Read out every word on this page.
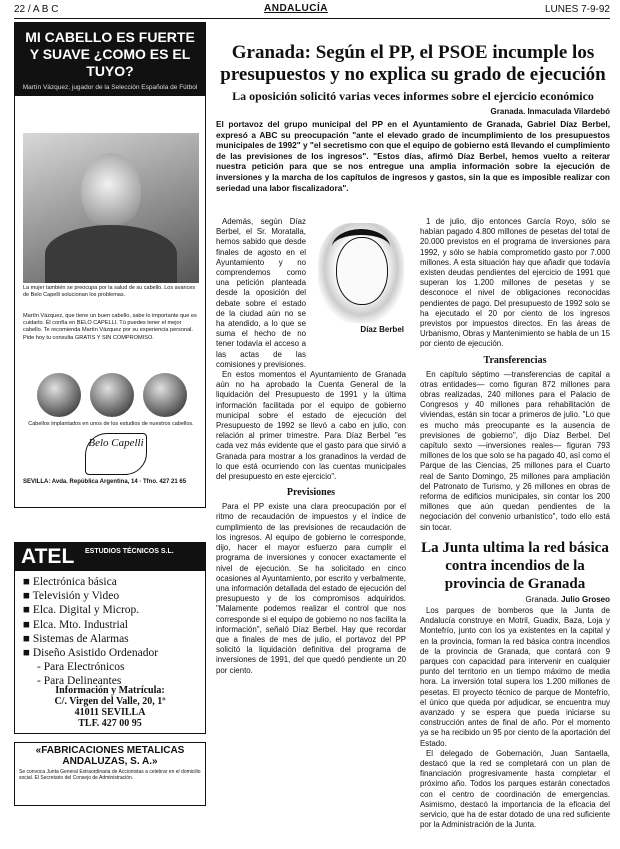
22 / A B C	ANDALUCÍA	LUNES 7-9-92
MI CABELLO ES FUERTE Y SUAVE ¿COMO ES EL TUYO?
Martín Vázquez, jugador de la Selección Española de Fútbol
La mujer también se preocupa por la salud de su cabello. Los avances de Belo Capelli solucionan los problemas.
Martín Vázquez, que tiene un buen cabello, sabe lo importante que es cuidarlo. Él confía en BELO CAPELLI. Tú puedes tener el mejor cabello. Te recomienda Martín Vázquez por su experiencia personal. Pide hoy tu consulta GRATIS Y SIN COMPROMISO.
Cabellos implantados en unos de los estudios de nuestros cabellos.
Belo Capelli
SEVILLA: Avda. República Argentina, 14 · Tfno. 427 21 65
ATEL ESTUDIOS TÉCNICOS S.L.
■ Electrónica básica
■ Televisión y Video
■ Elca. Digital y Microp.
■ Elca. Mto. Industrial
■ Sistemas de Alarmas
■ Diseño Asistido Ordenador
- Para Electrónicos
- Para Delineantes
Información y Matrícula:
C/. Virgen del Valle, 20, 1º
41011 SEVILLA
TLF. 427 00 95
«FABRICACIONES METALICAS ANDALUZAS, S. A.»
Se convoca Junta General Extraordinaria de Accionistas a celebrar en el domicilio social. El Secretario del Consejo de Administración.
Granada: Según el PP, el PSOE incumple los presupuestos y no explica su grado de ejecución
La oposición solicitó varias veces informes sobre el ejercicio económico
Granada. Inmaculada Vilardebó
El portavoz del grupo municipal del PP en el Ayuntamiento de Granada, Gabriel Díaz Berbel, expresó a ABC su preocupación "ante el elevado grado de incumplimiento de los presupuestos municipales de 1992" y "el secretismo con que el equipo de gobierno está llevando el cumplimiento de las previsiones de los ingresos". "Estos días, afirmó Díaz Berbel, hemos vuelto a reiterar nuestra petición para que se nos entregue una amplia información sobre la ejecución de inversiones y la marcha de los capítulos de ingresos y gastos, sin la que es imposible realizar con seriedad una labor fiscalizadora".

Además, según Díaz Berbel, el Sr. Moratalla, hemos sabido que desde finales de agosto en el Ayuntamiento y no comprendemos como una petición planteada desde la oposición del debate sobre el estado de la ciudad aún no se ha atendido, a lo que se suma el hecho de no tener todavía el acceso a las actas de las comisiones y previsiones.

Díaz Berbel

En estos momentos el Ayuntamiento de Granada aún no ha aprobado la Cuenta General de la liquidación del Presupuesto de 1991 y la última información facilitada por el equipo de gobierno municipal sobre el estado de ejecución del Presupuesto de 1992 se llevó a cabo en julio, con relación al primer trimestre. Para Díaz Berbel "es cada vez más evidente que el gasto para que sirvió a Granada para mostrar a los granadinos la verdad de lo que está ocurriendo con las cuentas municipales del presupuesto en este ejercicio".

Previsiones

Para el PP existe una clara preocupación por el ritmo de recaudación de impuestos y el índice de cumplimiento de las previsiones de recaudación de los ingresos. Al equipo de gobierno le corresponde, dijo, hacer el mayor esfuerzo para cumplir el programa de inversiones y conocer exactamente el nivel de ejecución. Se ha solicitado en cinco ocasiones al Ayuntamiento, por escrito y verbalmente, una información detallada del estado de ejecución del presupuesto y de los compromisos adquiridos. "Malamente podemos realizar el control que nos corresponde si el equipo de gobierno no nos facilita la información", señaló Díaz Berbel. Hay que recordar que a finales de mes de julio, el portavoz del PP solicitó la liquidación definitiva del programa de inversiones de 1991, del que quedó pendiente un 20 por ciento.

1 de julio, dijo entonces García Royo, sólo se habían pagado 4.800 millones de pesetas del total de 20.000 previstos en el programa de inversiones para 1992, y sólo se había comprometido gasto por 7.000 millones. A esta situación hay que añadir que todavía existen deudas pendientes del ejercicio de 1991 que superan los 1.200 millones de pesetas y se desconoce el nivel de obligaciones reconocidas pendientes de pago. Del presupuesto de 1992 solo se ha ejecutado el 20 por ciento de los ingresos previstos por impuestos directos. En las áreas de Urbanismo, Obras y Mantenimiento se habla de un 15 por ciento de ejecución.

Transferencias

En capítulo séptimo —transferencias de capital a otras entidades— como figuran 872 millones para obras realizadas, 240 millones para el Palacio de Congresos y 40 millones para rehabilitación de viviendas, están sin tocar a primeros de julio. "Lo que es mucho más preocupante es la ausencia de previsiones de gobierno", dijo Díaz Berbel. Del capítulo sexto —inversiones reales— figuran 793 millones de los que solo se ha pagado 40, así como el Parque de las Ciencias, 25 millones para el Cuarto real de Santo Domingo, 25 millones para ampliación del Patronato de Turismo, y 26 millones en obras de reforma de edificios municipales, sin contar los 200 millones que aún quedan pendientes de la negociación del convenio urbanístico", todo ello está sin tocar.

La Junta ultima la red básica contra incendios de la provincia de Granada
Granada. Julio Groseo

Los parques de bomberos que la Junta de Andalucía construye en Motril, Guadix, Baza, Loja y Montefrío, junto con los ya existentes en la capital y en la provincia, forman la red básica contra incendios de la provincia de Granada, que contará con 9 parques con capacidad para intervenir en cualquier punto del territorio en un tiempo máximo de media hora. La inversión total supera los 1.200 millones de pesetas. El proyecto técnico de parque de Montefrío, el único que queda por adjudicar, se encuentra muy avanzado y se espera que pueda iniciarse su construcción antes de final de año. Por el momento ya se ha recibido un 95 por ciento de la aportación del Estado.

El delegado de Gobernación, Juan Santaella, destacó que la red se completará con un plan de financiación progresivamente hasta completar el próximo año. Todos los parques estarán conectados con el centro de coordinación de emergencias. Asimismo, destacó la importancia de la eficacia del servicio, que ha de estar dotado de una red suficiente por la Administración de la Junta.
